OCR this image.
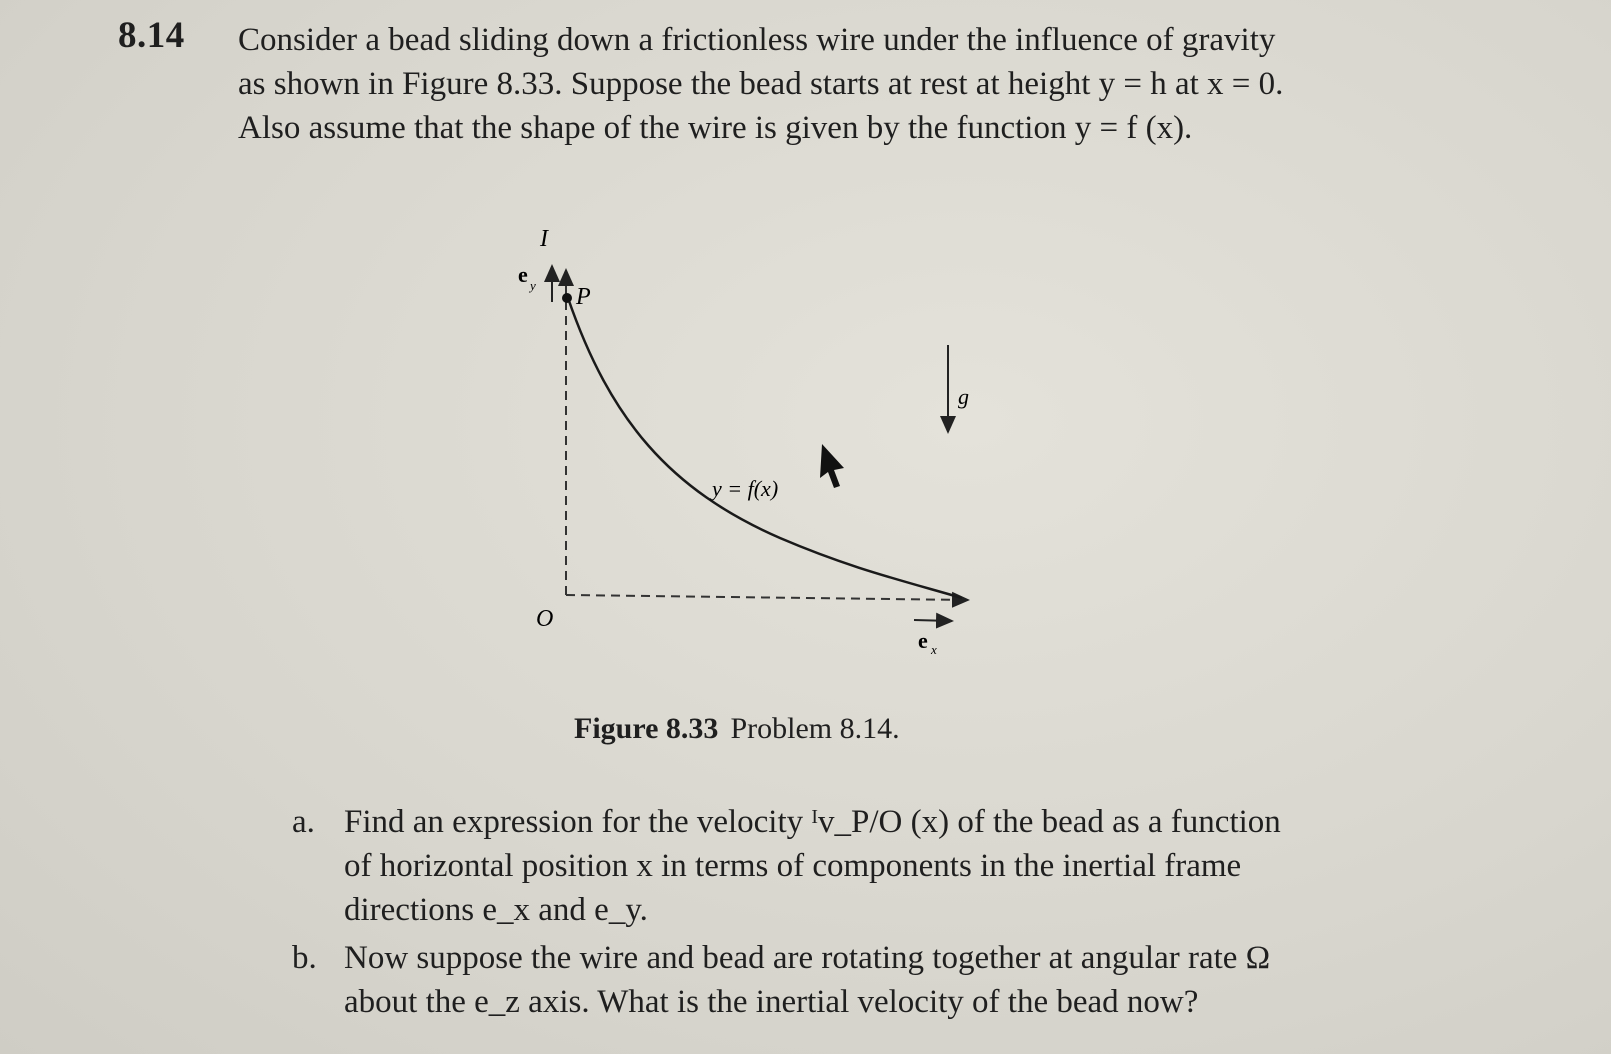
8.14 Consider a bead sliding down a frictionless wire under the influence of gravity

as shown in Figure 8.33. Suppose the bead starts at rest at height y = h at x = 0.

Also assume that the shape of the wire is given by the function y = f (x).

I
e y P
g
y = f(x)
O
e x
Figure 8.33 Problem 8.14.
a. Find an expression for the velocity ᴵv_P/O (x) of the bead as a function

of horizontal position x in terms of components in the inertial frame

directions e_x and e_y.

b. Now suppose the wire and bead are rotating together at angular rate Ω

about the e_z axis. What is the inertial velocity of the bead now?
